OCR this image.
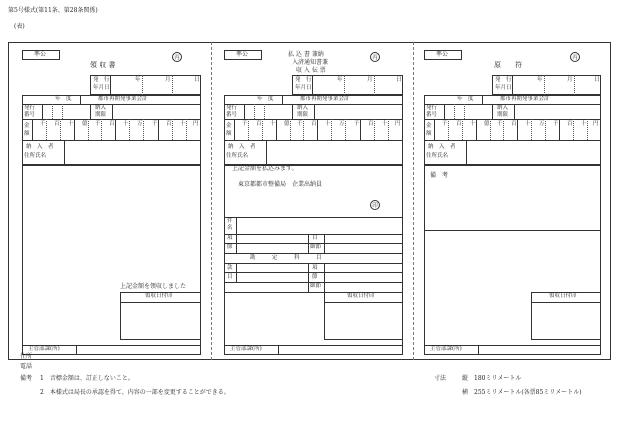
第5号様式(第11条、第28条関係)
(表)
準公
領 収 書
丙
発　行
年月日
年	月	日
年　度	都市再開発事業会計
発行
番号
納入
期限
金
額
千 百 十 億 千 百 十 万 千 百 十 円
納　入　者
住所氏名
上記金額を領収しました
領収日付印
主管部課(所)
準公	払 込 書 兼納
入済通知書兼
収 入 伝 票
丙
発　行
年月日
年	月	日
年　度	都市再開発事業会計
発行
番号
納入
期限
金
額
千 百 十 億 千 百 十 万 千 百 十 円
納　入　者
住所氏名
上記金額を払込みます。
東京都都市整備局　企業出納員
印
件
名
項	目
節	細節
勘　　　定　　　科　　　目
款	項
目	節
細節
領収日付印
主管部課(所)
準公
原　　符
丙
発　行
年月日
年	月	日
年　度	都市再開発事業会計
発行
番号
納入
期限
金
額
千 百 十 億 千 百 十 万 千 百 十 円
納　入　者
住所氏名
備　考
領収日付印
主管部課(所)
住所
電話
備考 1　音標金額は、訂正しないこと。
2　本様式は局長の承認を得て、内容の一部を変更することができる。
寸法	縦　180ミリメートル
横　255ミリメートル(各票85ミリメートル)
